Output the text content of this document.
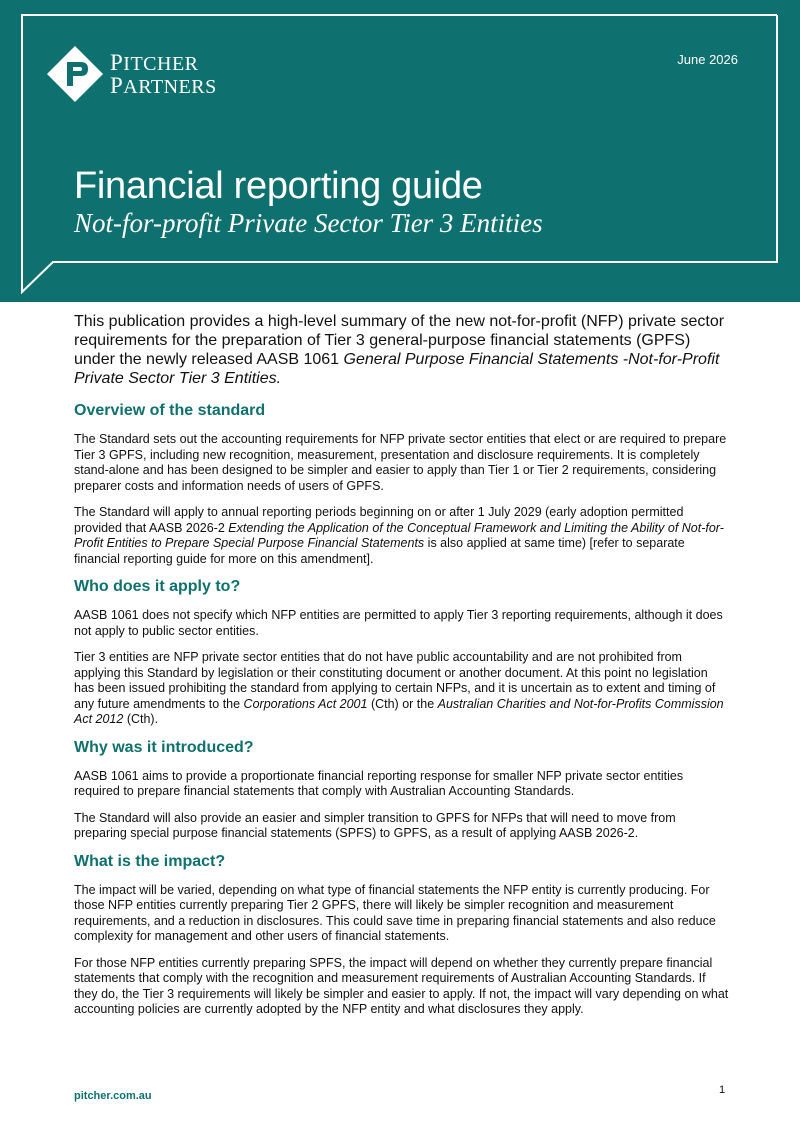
PITCHER
PARTNERS
June 2026
Financial reporting guide
Not-for-profit Private Sector Tier 3 Entities

This publication provides a high-level summary of the new not-for-profit (NFP) private sector requirements for the preparation of Tier 3 general-purpose financial statements (GPFS) under the newly released AASB 1061 General Purpose Financial Statements -Not-for-Profit Private Sector Tier 3 Entities.

Overview of the standard

The Standard sets out the accounting requirements for NFP private sector entities that elect or are required to prepare Tier 3 GPFS, including new recognition, measurement, presentation and disclosure requirements. It is completely stand-alone and has been designed to be simpler and easier to apply than Tier 1 or Tier 2 requirements, considering preparer costs and information needs of users of GPFS.

The Standard will apply to annual reporting periods beginning on or after 1 July 2029 (early adoption permitted provided that AASB 2026-2 Extending the Application of the Conceptual Framework and Limiting the Ability of Not-for-Profit Entities to Prepare Special Purpose Financial Statements is also applied at same time) [refer to separate financial reporting guide for more on this amendment].

Who does it apply to?

AASB 1061 does not specify which NFP entities are permitted to apply Tier 3 reporting requirements, although it does not apply to public sector entities.

Tier 3 entities are NFP private sector entities that do not have public accountability and are not prohibited from applying this Standard by legislation or their constituting document or another document. At this point no legislation has been issued prohibiting the standard from applying to certain NFPs, and it is uncertain as to extent and timing of any future amendments to the Corporations Act 2001 (Cth) or the Australian Charities and Not-for-Profits Commission Act 2012 (Cth).

Why was it introduced?

AASB 1061 aims to provide a proportionate financial reporting response for smaller NFP private sector entities required to prepare financial statements that comply with Australian Accounting Standards.

The Standard will also provide an easier and simpler transition to GPFS for NFPs that will need to move from preparing special purpose financial statements (SPFS) to GPFS, as a result of applying AASB 2026-2.

What is the impact?

The impact will be varied, depending on what type of financial statements the NFP entity is currently producing. For those NFP entities currently preparing Tier 2 GPFS, there will likely be simpler recognition and measurement requirements, and a reduction in disclosures. This could save time in preparing financial statements and also reduce complexity for management and other users of financial statements.

For those NFP entities currently preparing SPFS, the impact will depend on whether they currently prepare financial statements that comply with the recognition and measurement requirements of Australian Accounting Standards. If they do, the Tier 3 requirements will likely be simpler and easier to apply. If not, the impact will vary depending on what accounting policies are currently adopted by the NFP entity and what disclosures they apply.

pitcher.com.au	1
